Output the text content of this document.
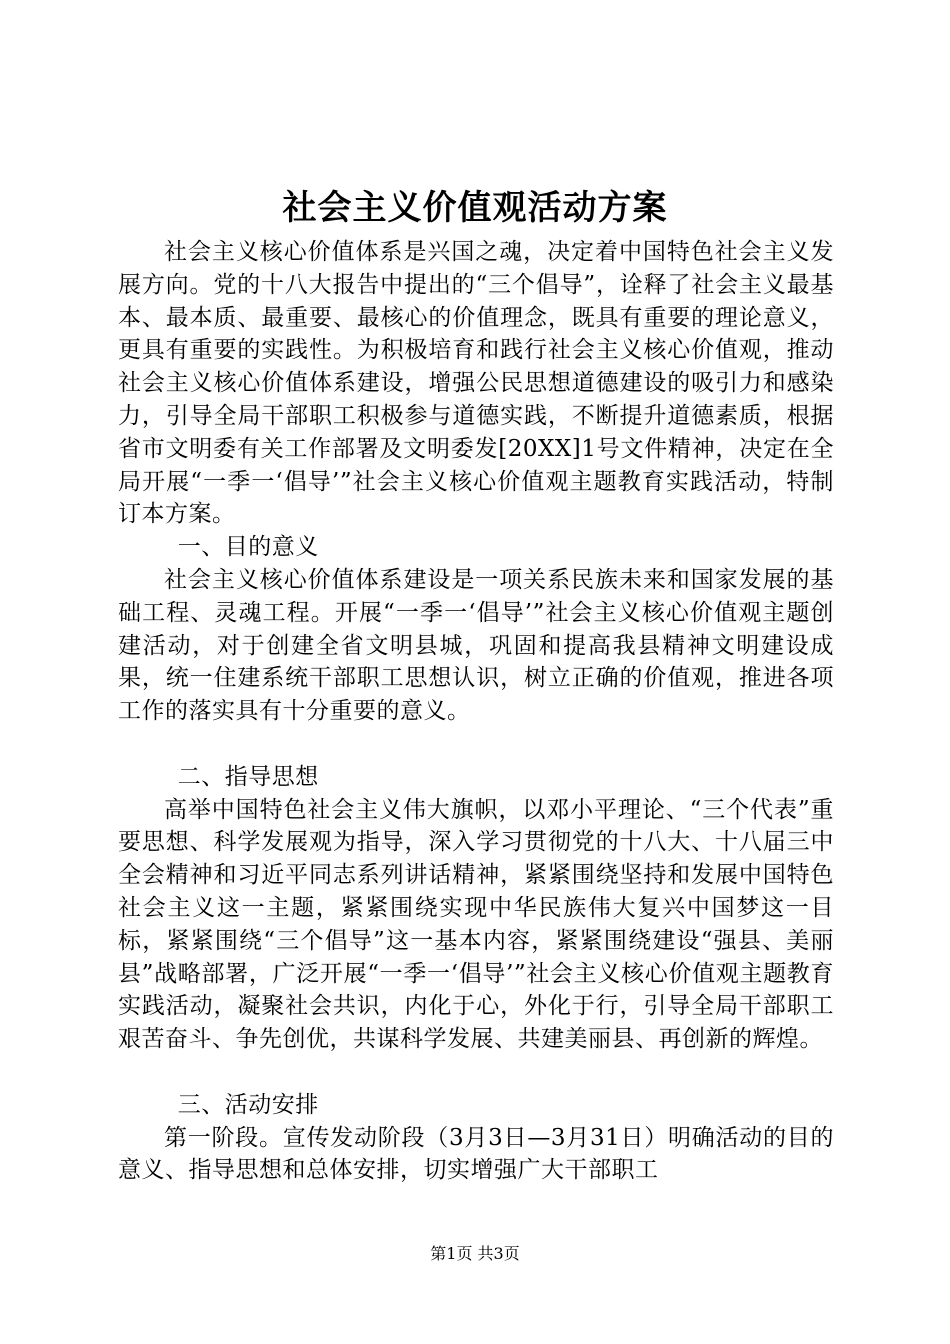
社会主义价值观活动方案

社会主义核心价值体系是兴国之魂，决定着中国特色社会主义发展方向。党的十八大报告中提出的“三个倡导”，诠释了社会主义最基本、最本质、最重要、最核心的价值理念，既具有重要的理论意义，更具有重要的实践性。为积极培育和践行社会主义核心价值观，推动社会主义核心价值体系建设，增强公民思想道德建设的吸引力和感染力，引导全局干部职工积极参与道德实践，不断提升道德素质，根据省市文明委有关工作部署及文明委发[20XX]1号文件精神，决定在全局开展“一季一‘倡导’”社会主义核心价值观主题教育实践活动，特制订本方案。

一、目的意义

社会主义核心价值体系建设是一项关系民族未来和国家发展的基础工程、灵魂工程。开展“一季一‘倡导’”社会主义核心价值观主题创建活动，对于创建全省文明县城，巩固和提高我县精神文明建设成果，统一住建系统干部职工思想认识，树立正确的价值观，推进各项工作的落实具有十分重要的意义。

二、指导思想

高举中国特色社会主义伟大旗帜，以邓小平理论、“三个代表”重要思想、科学发展观为指导，深入学习贯彻党的十八大、十八届三中全会精神和习近平同志系列讲话精神，紧紧围绕坚持和发展中国特色社会主义这一主题，紧紧围绕实现中华民族伟大复兴中国梦这一目标，紧紧围绕“三个倡导”这一基本内容，紧紧围绕建设“强县、美丽县”战略部署，广泛开展“一季一‘倡导’”社会主义核心价值观主题教育实践活动，凝聚社会共识，内化于心，外化于行，引导全局干部职工艰苦奋斗、争先创优，共谋科学发展、共建美丽县、再创新的辉煌。

三、活动安排

第一阶段。宣传发动阶段（3月3日—3月31日）明确活动的目的意义、指导思想和总体安排，切实增强广大干部职工

第1页 共3页
